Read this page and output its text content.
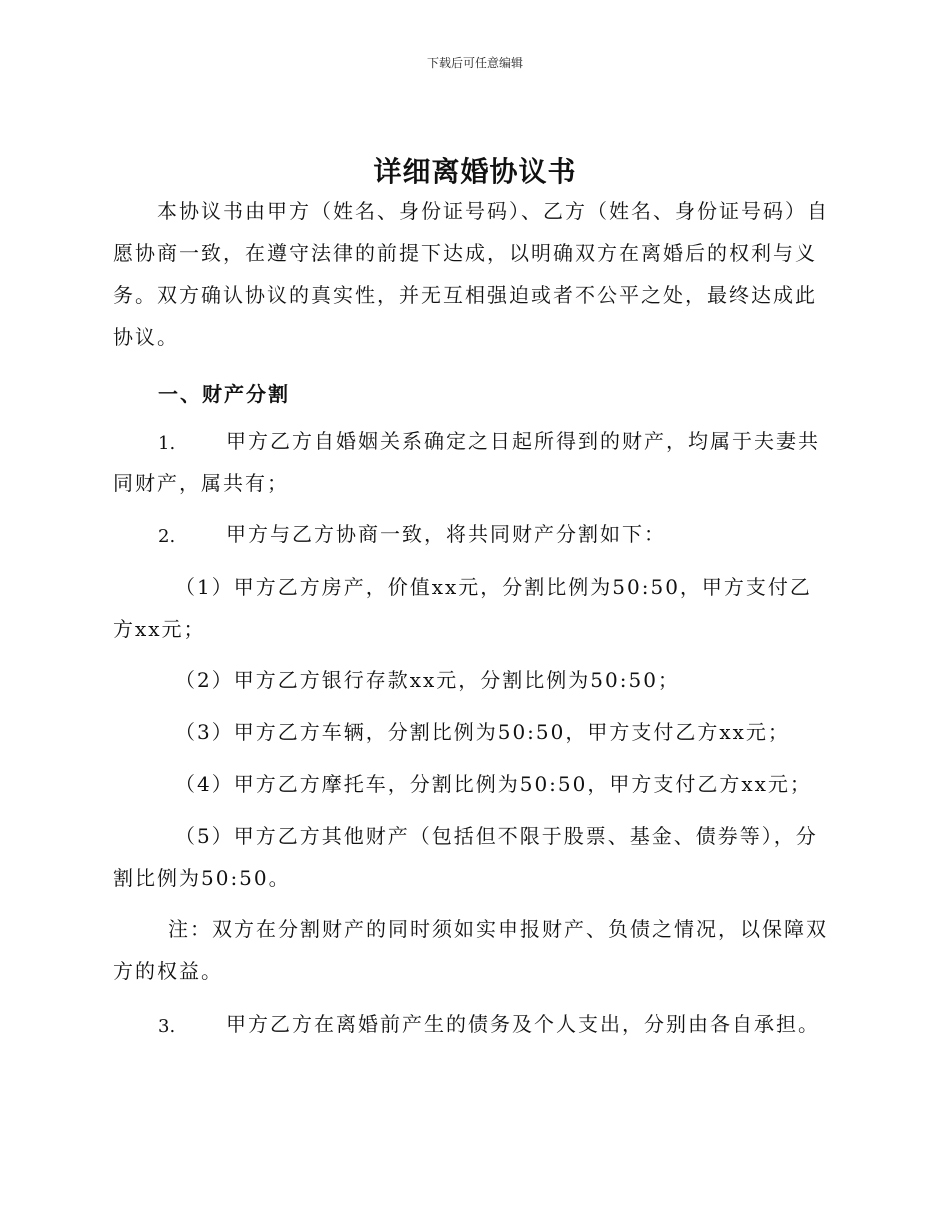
下载后可任意编辑
详细离婚协议书

本协议书由甲方（姓名、身份证号码）、乙方（姓名、身份证号码）自愿协商一致，在遵守法律的前提下达成，以明确双方在离婚后的权利与义务。双方确认协议的真实性，并无互相强迫或者不公平之处，最终达成此协议。

一、财产分割
1.	甲方乙方自婚姻关系确定之日起所得到的财产，均属于夫妻共同财产，属共有；

2.	甲方与乙方协商一致，将共同财产分割如下：

（1）甲方乙方房产，价值xx元，分割比例为50:50，甲方支付乙方xx元；

（2）甲方乙方银行存款xx元，分割比例为50:50；

（3）甲方乙方车辆，分割比例为50:50，甲方支付乙方xx元；

（4）甲方乙方摩托车，分割比例为50:50，甲方支付乙方xx元；

（5）甲方乙方其他财产（包括但不限于股票、基金、债券等），分割比例为50:50。

注：双方在分割财产的同时须如实申报财产、负债之情况，以保障双方的权益。

3.	甲方乙方在离婚前产生的债务及个人支出，分别由各自承担。
